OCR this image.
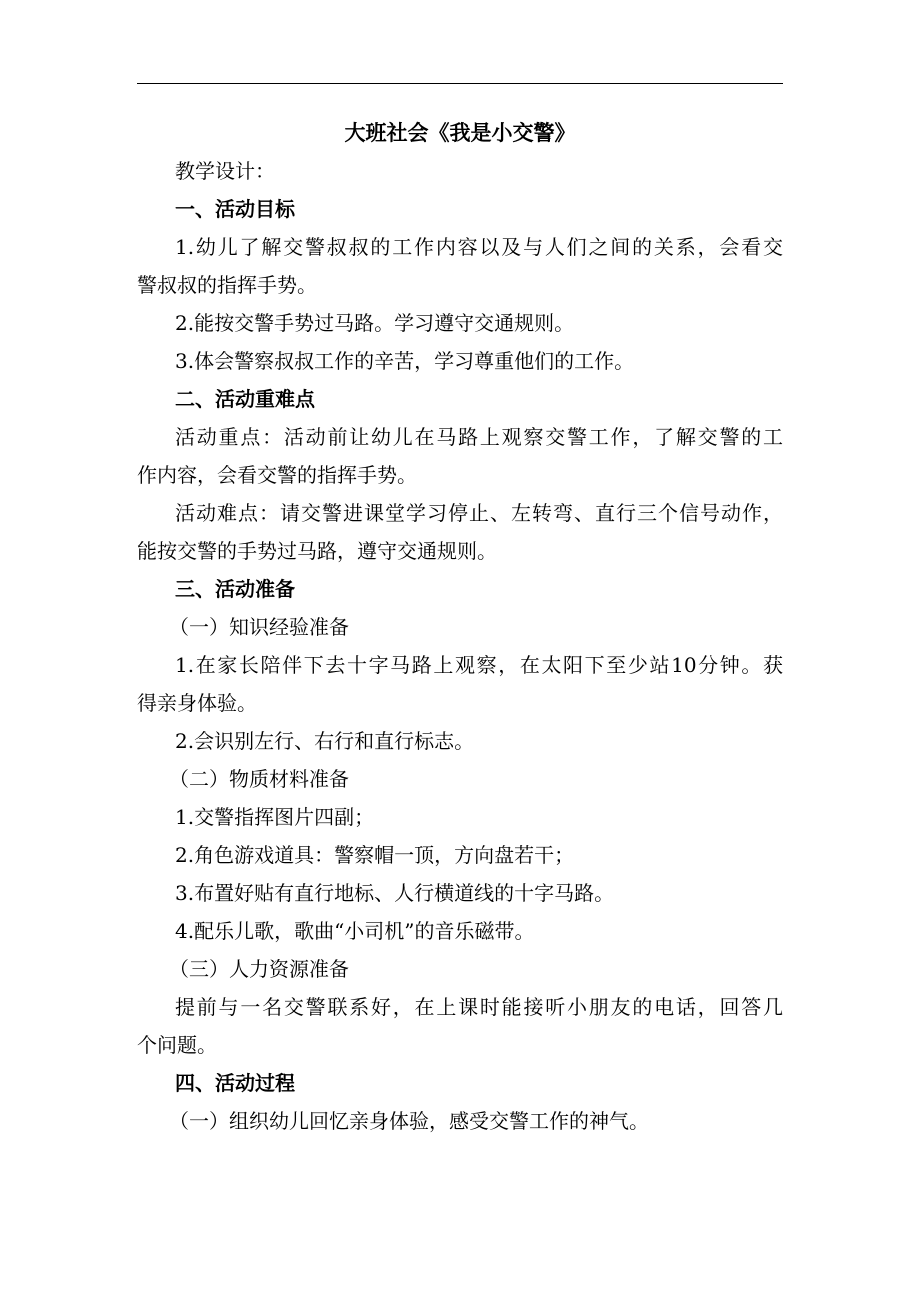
大班社会《我是小交警》

教学设计：

一、活动目标

1.幼儿了解交警叔叔的工作内容以及与人们之间的关系，会看交

警叔叔的指挥手势。

2.能按交警手势过马路。学习遵守交通规则。

3.体会警察叔叔工作的辛苦，学习尊重他们的工作。

二、活动重难点

活动重点：活动前让幼儿在马路上观察交警工作，了解交警的工

作内容，会看交警的指挥手势。

活动难点：请交警进课堂学习停止、左转弯、直行三个信号动作，

能按交警的手势过马路，遵守交通规则。

三、活动准备

（一）知识经验准备

1.在家长陪伴下去十字马路上观察，在太阳下至少站10分钟。获

得亲身体验。

2.会识别左行、右行和直行标志。

（二）物质材料准备

1.交警指挥图片四副；

2.角色游戏道具：警察帽一顶，方向盘若干；

3.布置好贴有直行地标、人行横道线的十字马路。

4.配乐儿歌，歌曲“小司机”的音乐磁带。

（三）人力资源准备

提前与一名交警联系好，在上课时能接听小朋友的电话，回答几

个问题。

四、活动过程

（一）组织幼儿回忆亲身体验，感受交警工作的神气。
